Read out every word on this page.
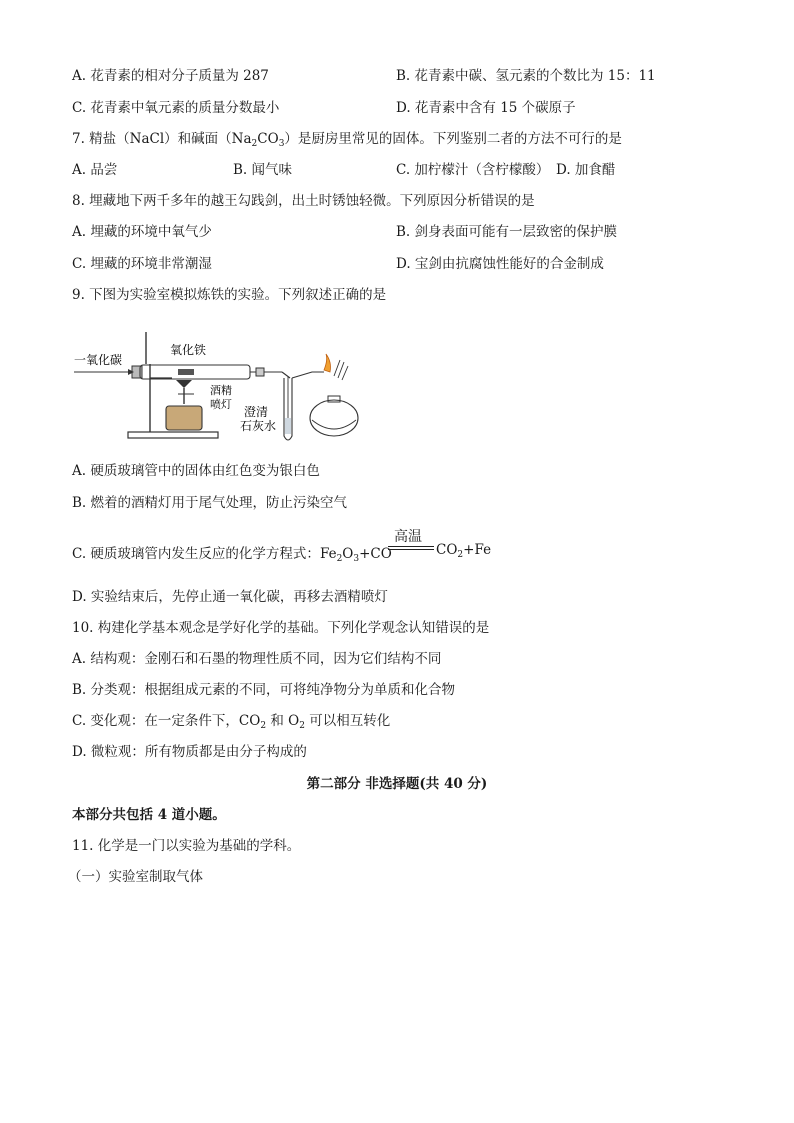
A. 花青素的相对分子质量为 287	B. 花青素中碳、氢元素的个数比为 15：11
C. 花青素中氧元素的质量分数最小	D. 花青素中含有 15 个碳原子
7. 精盐（NaCl）和碱面$(Na_2CO_3)$是厨房里常见的固体。下列鉴别二者的方法不可行的是
A. 品尝	B. 闻气味	C. 加柠檬汁（含柠檬酸） D. 加食醋
8. 埋藏地下两千多年的越王勾践剑，出土时锈蚀轻微。下列原因分析错误的是
A. 埋藏的环境中氧气少	B. 剑身表面可能有一层致密的保护膜
C. 埋藏的环境非常潮湿	D. 宝剑由抗腐蚀性能好的合金制成
9. 下图为实验室模拟炼铁的实验。下列叙述正确的是
一氧化碳
氧化铁
酒精
喷灯
澄清
石灰水
A. 硬质玻璃管中的固体由红色变为银白色
B. 燃着的酒精灯用于尾气处理，防止污染空气
C. 硬质玻璃管内发生反应的化学方程式：$Fe_2O_3+CO$
高温
$CO_2+Fe$
D. 实验结束后，先停止通一氧化碳，再移去酒精喷灯
10. 构建化学基本观念是学好化学的基础。下列化学观念认知错误的是
A. 结构观：金刚石和石墨的物理性质不同，因为它们结构不同
B. 分类观：根据组成元素的不同，可将纯净物分为单质和化合物
C. 变化观：在一定条件下，$CO_2$ 和 $O_2$ 可以相互转化
D. 微粒观：所有物质都是由分子构成的
第二部分 非选择题(共 40 分)
本部分共包括 4 道小题。
11. 化学是一门以实验为基础的学科。
（一）实验室制取气体
